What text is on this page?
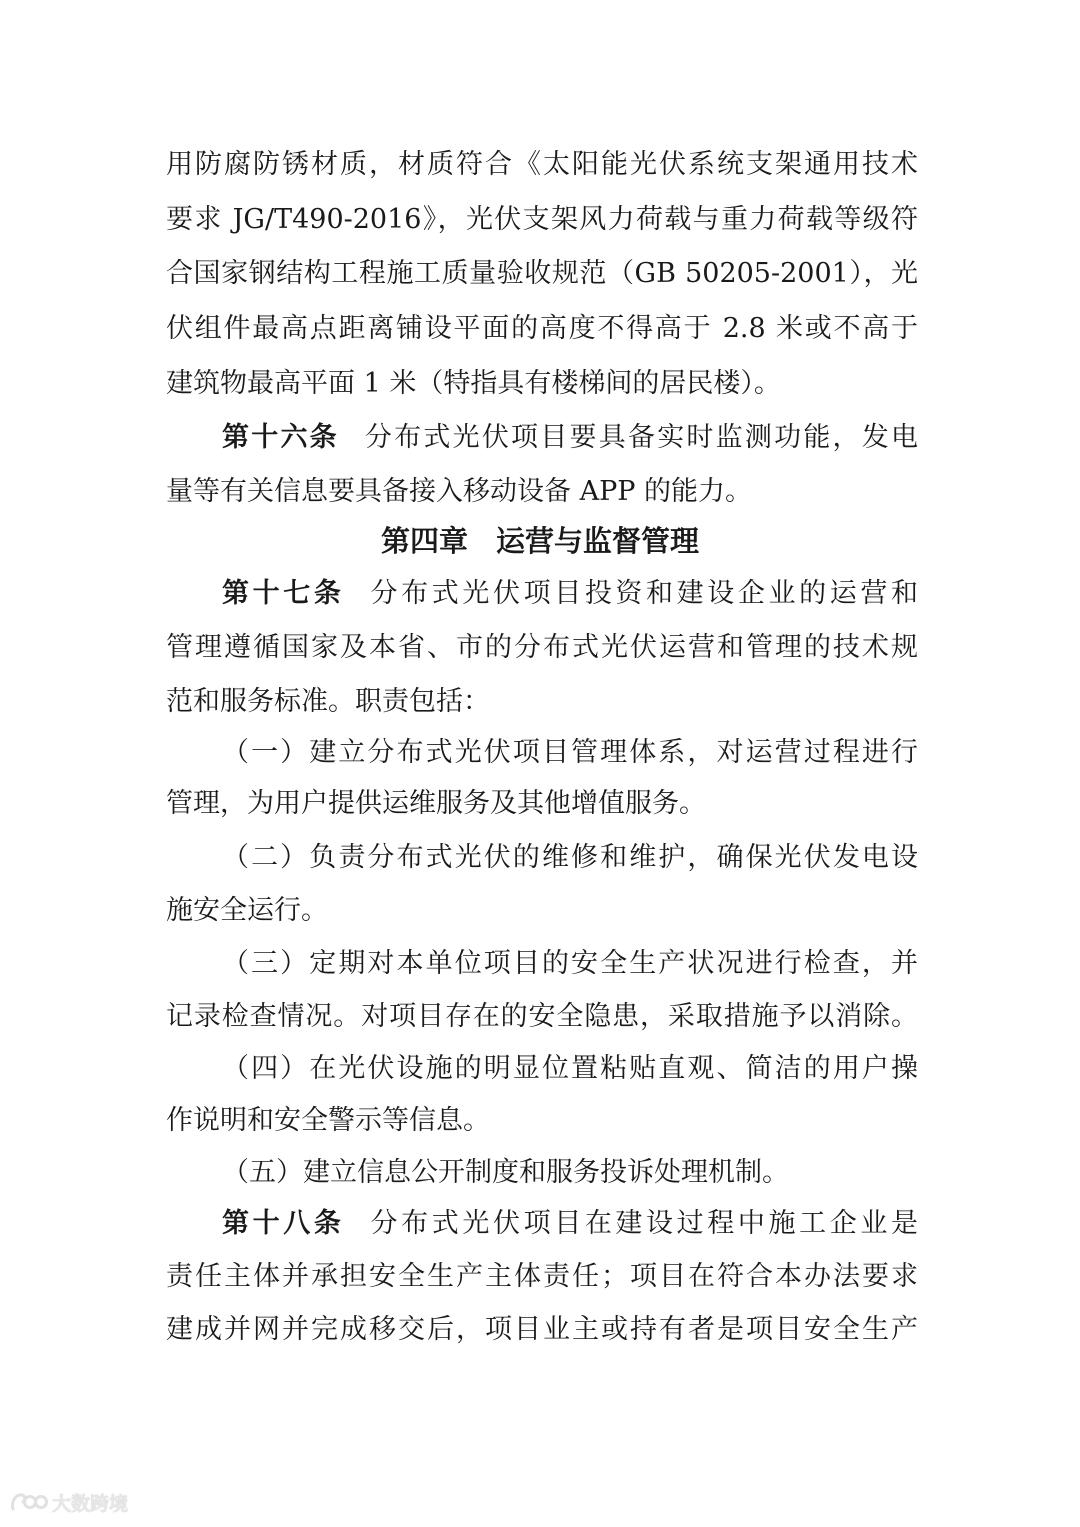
用防腐防锈材质，材质符合《太阳能光伏系统支架通用技术
要求 JG/T490-2016》，光伏支架风力荷载与重力荷载等级符
合国家钢结构工程施工质量验收规范（GB 50205-2001），光
伏组件最高点距离铺设平面的高度不得高于 2.8 米或不高于
建筑物最高平面 1 米（特指具有楼梯间的居民楼）。
第十六条 分布式光伏项目要具备实时监测功能，发电
量等有关信息要具备接入移动设备 APP 的能力。
第四章 运营与监督管理
第十七条 分布式光伏项目投资和建设企业的运营和
管理遵循国家及本省、市的分布式光伏运营和管理的技术规
范和服务标准。职责包括：
（一）建立分布式光伏项目管理体系，对运营过程进行
管理，为用户提供运维服务及其他增值服务。
（二）负责分布式光伏的维修和维护，确保光伏发电设
施安全运行。
（三）定期对本单位项目的安全生产状况进行检查，并
记录检查情况。对项目存在的安全隐患，采取措施予以消除。
（四）在光伏设施的明显位置粘贴直观、简洁的用户操
作说明和安全警示等信息。
（五）建立信息公开制度和服务投诉处理机制。
第十八条 分布式光伏项目在建设过程中施工企业是
责任主体并承担安全生产主体责任；项目在符合本办法要求
建成并网并完成移交后，项目业主或持有者是项目安全生产
大数跨境
